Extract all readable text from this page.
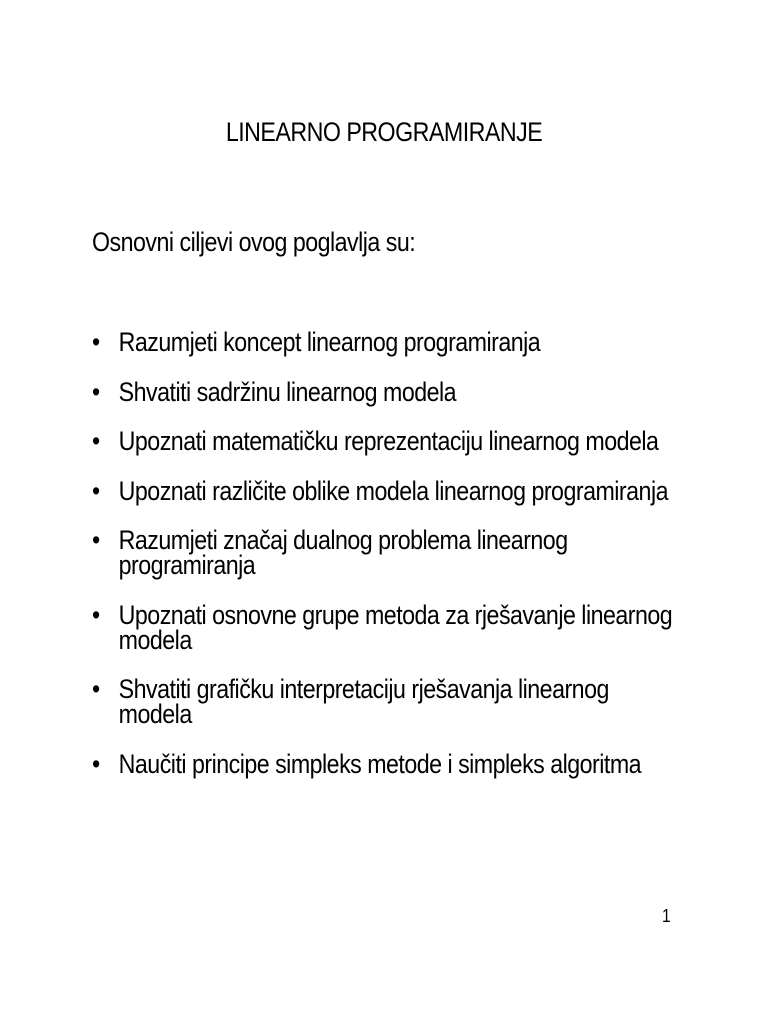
LINEARNO PROGRAMIRANJE
Osnovni ciljevi ovog poglavlja su:
• Razumjeti koncept linearnog programiranja
• Shvatiti sadržinu linearnog modela
• Upoznati matematičku reprezentaciju linearnog modela
• Upoznati različite oblike modela linearnog programiranja
• Razumjeti značaj dualnog problema linearnog
programiranja
• Upoznati osnovne grupe metoda za rješavanje linearnog
modela
• Shvatiti grafičku interpretaciju rješavanja linearnog
modela
• Naučiti principe simpleks metode i simpleks algoritma
1
